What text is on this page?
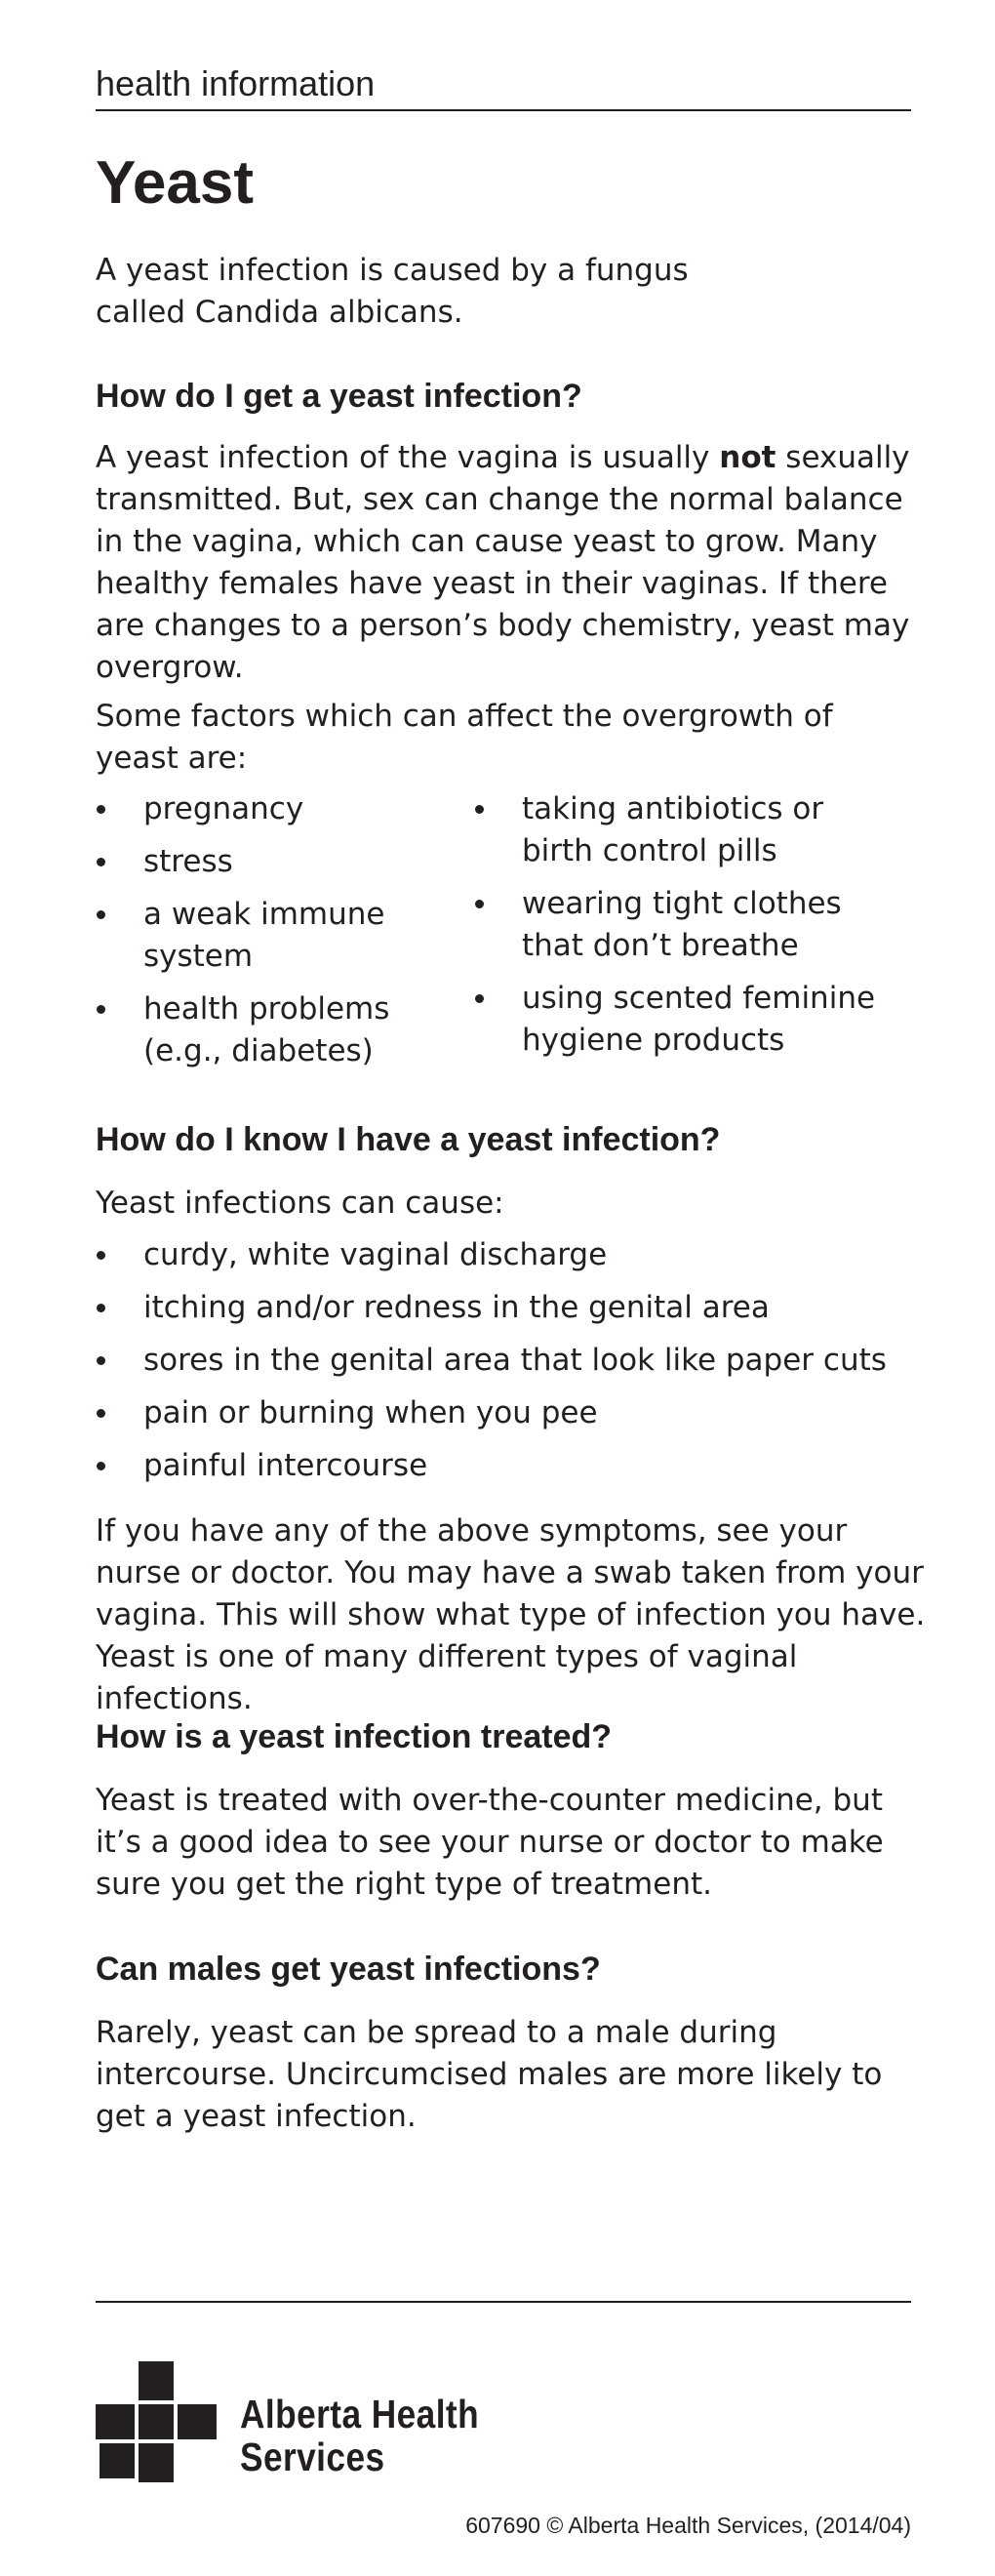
health information
Yeast

A yeast infection is caused by a fungus called Candida albicans.

How do I get a yeast infection?

A yeast infection of the vagina is usually not sexually transmitted. But, sex can change the normal balance in the vagina, which can cause yeast to grow. Many healthy females have yeast in their vaginas. If there are changes to a person’s body chemistry, yeast may overgrow.

Some factors which can affect the overgrowth of yeast are:

pregnancy
stress
a weak immune system
health problems (e.g., diabetes)
taking antibiotics or birth control pills
wearing tight clothes that don’t breathe
using scented feminine hygiene products
How do I know I have a yeast infection?

Yeast infections can cause:

curdy, white vaginal discharge
itching and/or redness in the genital area
sores in the genital area that look like paper cuts
pain or burning when you pee
painful intercourse

If you have any of the above symptoms, see your nurse or doctor. You may have a swab taken from your vagina. This will show what type of infection you have. Yeast is one of many different types of vaginal infections.

How is a yeast infection treated?

Yeast is treated with over-the-counter medicine, but it’s a good idea to see your nurse or doctor to make sure you get the right type of treatment.

Can males get yeast infections?

Rarely, yeast can be spread to a male during intercourse. Uncircumcised males are more likely to get a yeast infection.

Alberta Health
Services
607690 © Alberta Health Services, (2014/04)
